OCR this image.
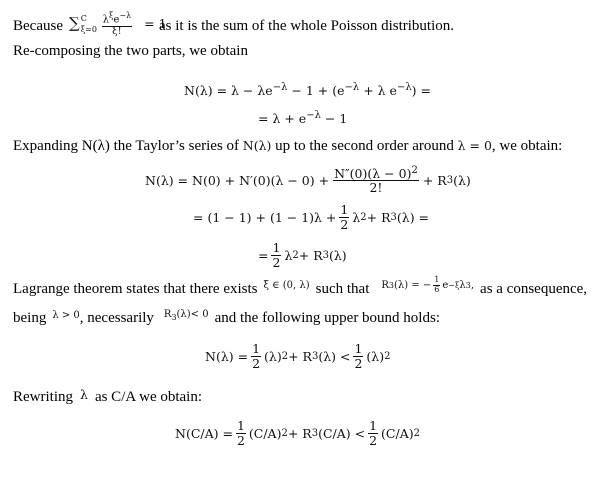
Because ∑ C
ξ=0
$\frac{\lambda^\xi e^{-\lambda}}{\xi!} = 1$
as it is the sum of the whole Poisson distribution.
Re-composing the two parts, we obtain
$N(\lambda) = \lambda - \lambda e^{-\lambda} - 1 + (e^{-\lambda} + \lambda$ $e^{-\lambda}$) =
= $\lambda + e^{-\lambda} - 1$
Expanding N(λ) the Taylor’s series of N(λ) up to the second order around λ = 0, we obtain:
$N(\lambda) = N(0) + N'(0)(\lambda - 0) + \frac{N''(0)(\lambda - 0)^2}{2!} + R$ 3 (λ)
= $(1 - 1) + (1 - 1)\lambda + \frac{1}{2}$ λ 2 + R 3 (λ) =
= $\frac{1}{2}$ λ 2 + R 3 (λ)
Lagrange theorem states that there exists ξ ∈ (0, λ) such that R 3 (λ) = − $\frac{1}{6}$ e −ξ λ 3 , as a consequence,
being λ > 0 , necessarily $R_3(\lambda)< 0$ and the following upper bound holds:
$N(\lambda) = \frac{1}{2} (\lambda) 2 + R$ 3 $(\lambda) < \frac{1}{2} (\lambda)$ 2
Rewriting λ as C/A we obtain:
$N(C/A) = \frac{1}{2} (C/A) 2 + R$ 3 $(C/A) < \frac{1}{2} (C/A)$ 2
